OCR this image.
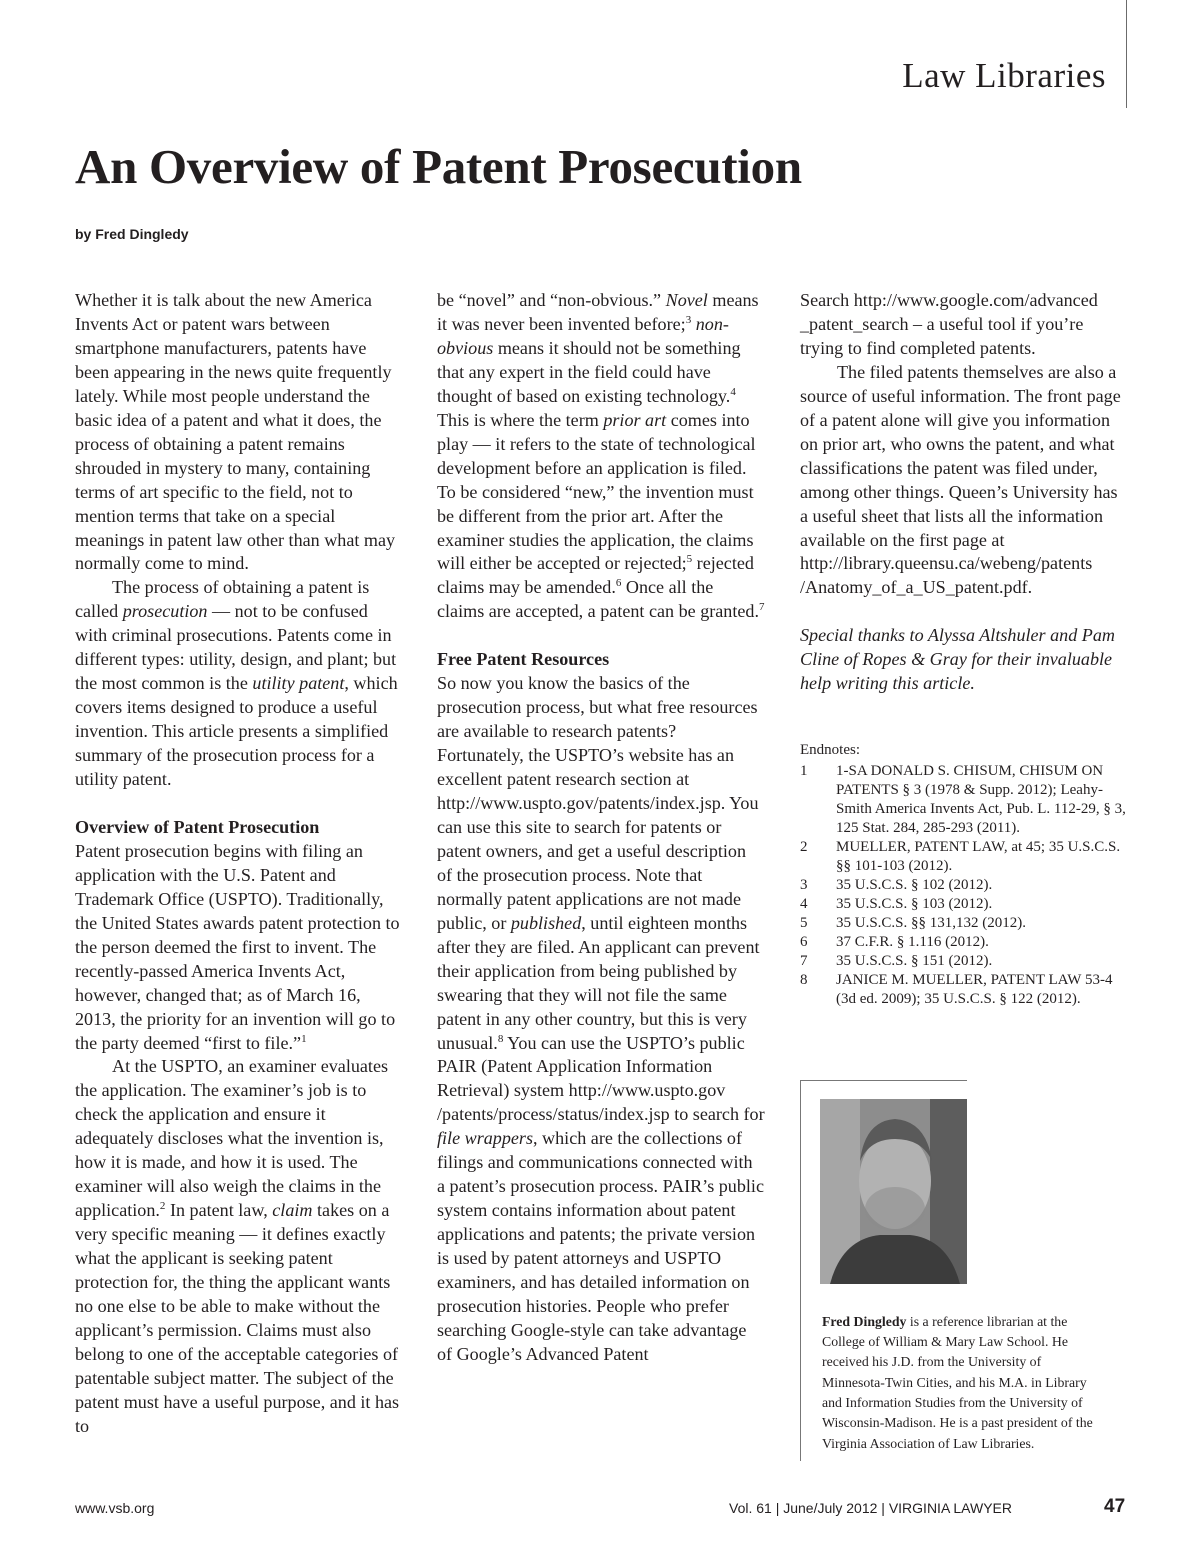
Law Libraries
An Overview of Patent Prosecution
by Fred Dingledy

Whether it is talk about the new America Invents Act or patent wars between smartphone manufacturers, patents have been appearing in the news quite frequently lately. While most people understand the basic idea of a patent and what it does, the process of obtaining a patent remains shrouded in mystery to many, containing terms of art specific to the field, not to mention terms that take on a special meanings in patent law other than what may normally come to mind.

The process of obtaining a patent is called prosecution — not to be confused with criminal prosecutions. Patents come in different types: utility, design, and plant; but the most common is the utility patent, which covers items designed to produce a useful invention. This article presents a simplified summary of the prosecution process for a utility patent.

Overview of Patent Prosecution

Patent prosecution begins with filing an application with the U.S. Patent and Trademark Office (USPTO). Traditionally, the United States awards patent protection to the person deemed the first to invent. The recently-passed America Invents Act, however, changed that; as of March 16, 2013, the priority for an invention will go to the party deemed “first to file.”$^1$

At the USPTO, an examiner evaluates the application. The examiner’s job is to check the application and ensure it adequately discloses what the invention is, how it is made, and how it is used. The examiner will also weigh the claims in the application.$^2$ In patent law, claim takes on a very specific meaning — it defines exactly what the applicant is seeking patent protection for, the thing the applicant wants no one else to be able to make without the applicant’s permission. Claims must also belong to one of the acceptable categories of patentable subject matter. The subject of the patent must have a useful purpose, and it has to

be “novel” and “non-obvious.” Novel means it was never been invented before;$^3$ non-obvious means it should not be something that any expert in the field could have thought of based on existing technology.$^4$ This is where the term prior art comes into play — it refers to the state of technological development before an application is filed. To be considered “new,” the invention must be different from the prior art. After the examiner studies the application, the claims will either be accepted or rejected;$^5$ rejected claims may be amended.$^6$ Once all the claims are accepted, a patent can be granted.$^7$

Free Patent Resources

So now you know the basics of the prosecution process, but what free resources are available to research patents? Fortunately, the USPTO’s website has an excellent patent research section at http://www.uspto.gov/patents/index.jsp. You can use this site to search for patents or patent owners, and get a useful description of the prosecution process. Note that normally patent applications are not made public, or published, until eighteen months after they are filed. An applicant can prevent their application from being published by swearing that they will not file the same patent in any other country, but this is very unusual.$^8$ You can use the USPTO’s public PAIR (Patent Application Information Retrieval) system http://www.uspto.gov /patents/process/status/index.jsp to search for file wrappers, which are the collections of filings and communications connected with a patent’s prosecution process. PAIR’s public system contains information about patent applications and patents; the private version is used by patent attorneys and USPTO examiners, and has detailed information on prosecution histories. People who prefer searching Google-style can take advantage of Google’s Advanced Patent

Search http://www.google.com/advanced _patent_search – a useful tool if you’re trying to find completed patents.

The filed patents themselves are also a source of useful information. The front page of a patent alone will give you information on prior art, who owns the patent, and what classifications the patent was filed under, among other things. Queen’s University has a useful sheet that lists all the information available on the first page at http://library.queensu.ca/webeng/patents /Anatomy_of_a_US_patent.pdf.

Special thanks to Alyssa Altshuler and Pam Cline of Ropes & Gray for their invaluable help writing this article.

Endnotes:

1	1-SA DONALD S. CHISUM, CHISUM ON PATENTS § 3 (1978 & Supp. 2012); Leahy-Smith America Invents Act, Pub. L. 112-29, § 3, 125 Stat. 284, 285-293 (2011).
2	MUELLER, PATENT LAW, at 45; 35 U.S.C.S. §§ 101-103 (2012).
3	35 U.S.C.S. § 102 (2012).
4	35 U.S.C.S. § 103 (2012).
5	35 U.S.C.S. §§ 131,132 (2012).
6	37 C.F.R. § 1.116 (2012).
7	35 U.S.C.S. § 151 (2012).
8	JANICE M. MUELLER, PATENT LAW 53-4 (3d ed. 2009); 35 U.S.C.S. § 122 (2012).

Fred Dingledy is a reference librarian at the College of William & Mary Law School. He received his J.D. from the University of Minnesota-Twin Cities, and his M.A. in Library and Information Studies from the University of Wisconsin-Madison. He is a past president of the Virginia Association of Law Libraries.

www.vsb.org	Vol. 61 | June/July 2012 | VIRGINIA LAWYER	47
